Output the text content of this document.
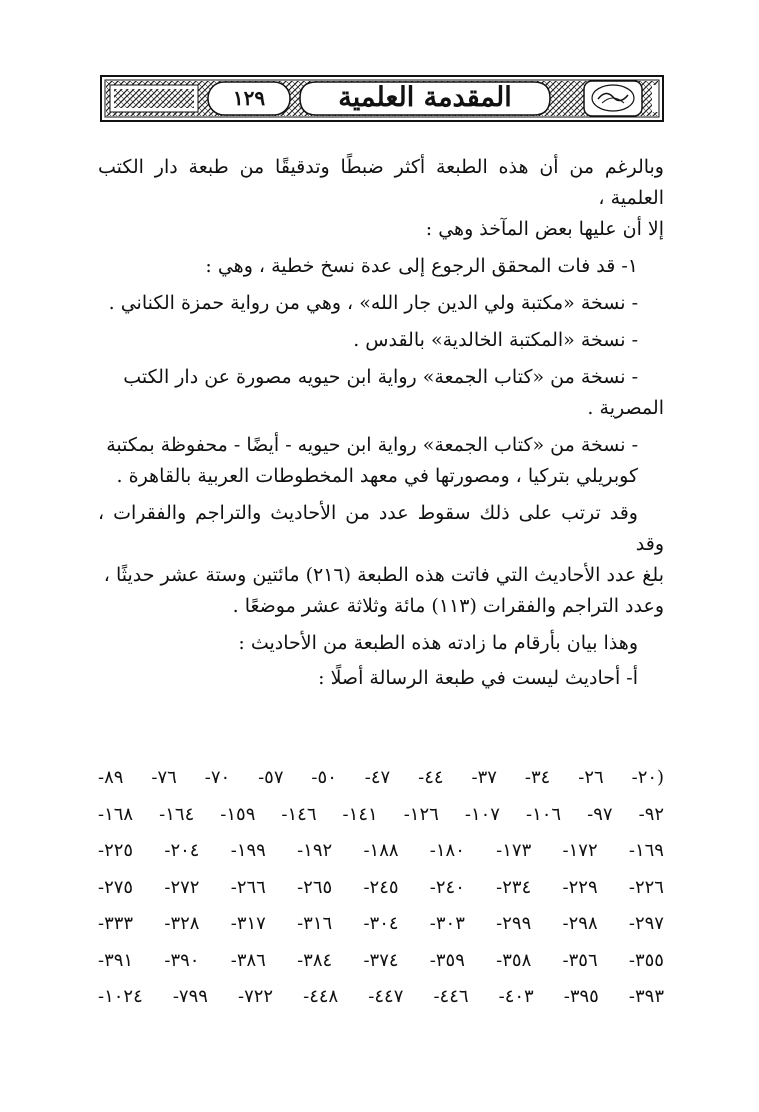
١٢٩	المقدمة العلمية

وبالرغم من أن هذه الطبعة أكثر ضبطًا وتدقيقًا من طبعة دار الكتب العلمية ،
إلا أن عليها بعض المآخذ وهي :

١- قد فات المحقق الرجوع إلى عدة نسخ خطية ، وهي :

- نسخة «مكتبة ولي الدين جار الله» ، وهي من رواية حمزة الكناني .

- نسخة «المكتبة الخالدية» بالقدس .

- نسخة من «كتاب الجمعة» رواية ابن حيويه مصورة عن دار الكتب
المصرية .

- نسخة من «كتاب الجمعة» رواية ابن حيويه - أيضًا - محفوظة بمكتبة
كوبريلي بتركيا ، ومصورتها في معهد المخطوطات العربية بالقاهرة .

وقد ترتب على ذلك سقوط عدد من الأحاديث والتراجم والفقرات ، وقد
بلغ عدد الأحاديث التي فاتت هذه الطبعة (٢١٦) مائتين وستة عشر حديثًا ،
وعدد التراجم والفقرات (١١٣) مائة وثلاثة عشر موضعًا .

وهذا بيان بأرقام ما زادته هذه الطبعة من الأحاديث :

أ- أحاديث ليست في طبعة الرسالة أصلًا :

(٢٠- ٢٦- ٣٤- ٣٧- ٤٤- ٤٧- ٥٠- ٥٧- ٧٠- ٧٦- ٨٩-
٩٢- ٩٧- ١٠٦- ١٠٧- ١٢٦- ١٤١- ١٤٦- ١٥٩- ١٦٤- ١٦٨-
١٦٩- ١٧٢- ١٧٣- ١٨٠- ١٨٨- ١٩٢- ١٩٩- ٢٠٤- ٢٢٥-
٢٢٦- ٢٢٩- ٢٣٤- ٢٤٠- ٢٤٥- ٢٦٥- ٢٦٦- ٢٧٢- ٢٧٥-
٢٩٧- ٢٩٨- ٢٩٩- ٣٠٣- ٣٠٤- ٣١٦- ٣١٧- ٣٢٨- ٣٣٣-
٣٥٥- ٣٥٦- ٣٥٨- ٣٥٩- ٣٧٤- ٣٨٤- ٣٨٦- ٣٩٠- ٣٩١-
٣٩٣- ٣٩٥- ٤٠٣- ٤٤٦- ٤٤٧- ٤٤٨- ٧٢٢- ٧٩٩- ١٠٢٤-
